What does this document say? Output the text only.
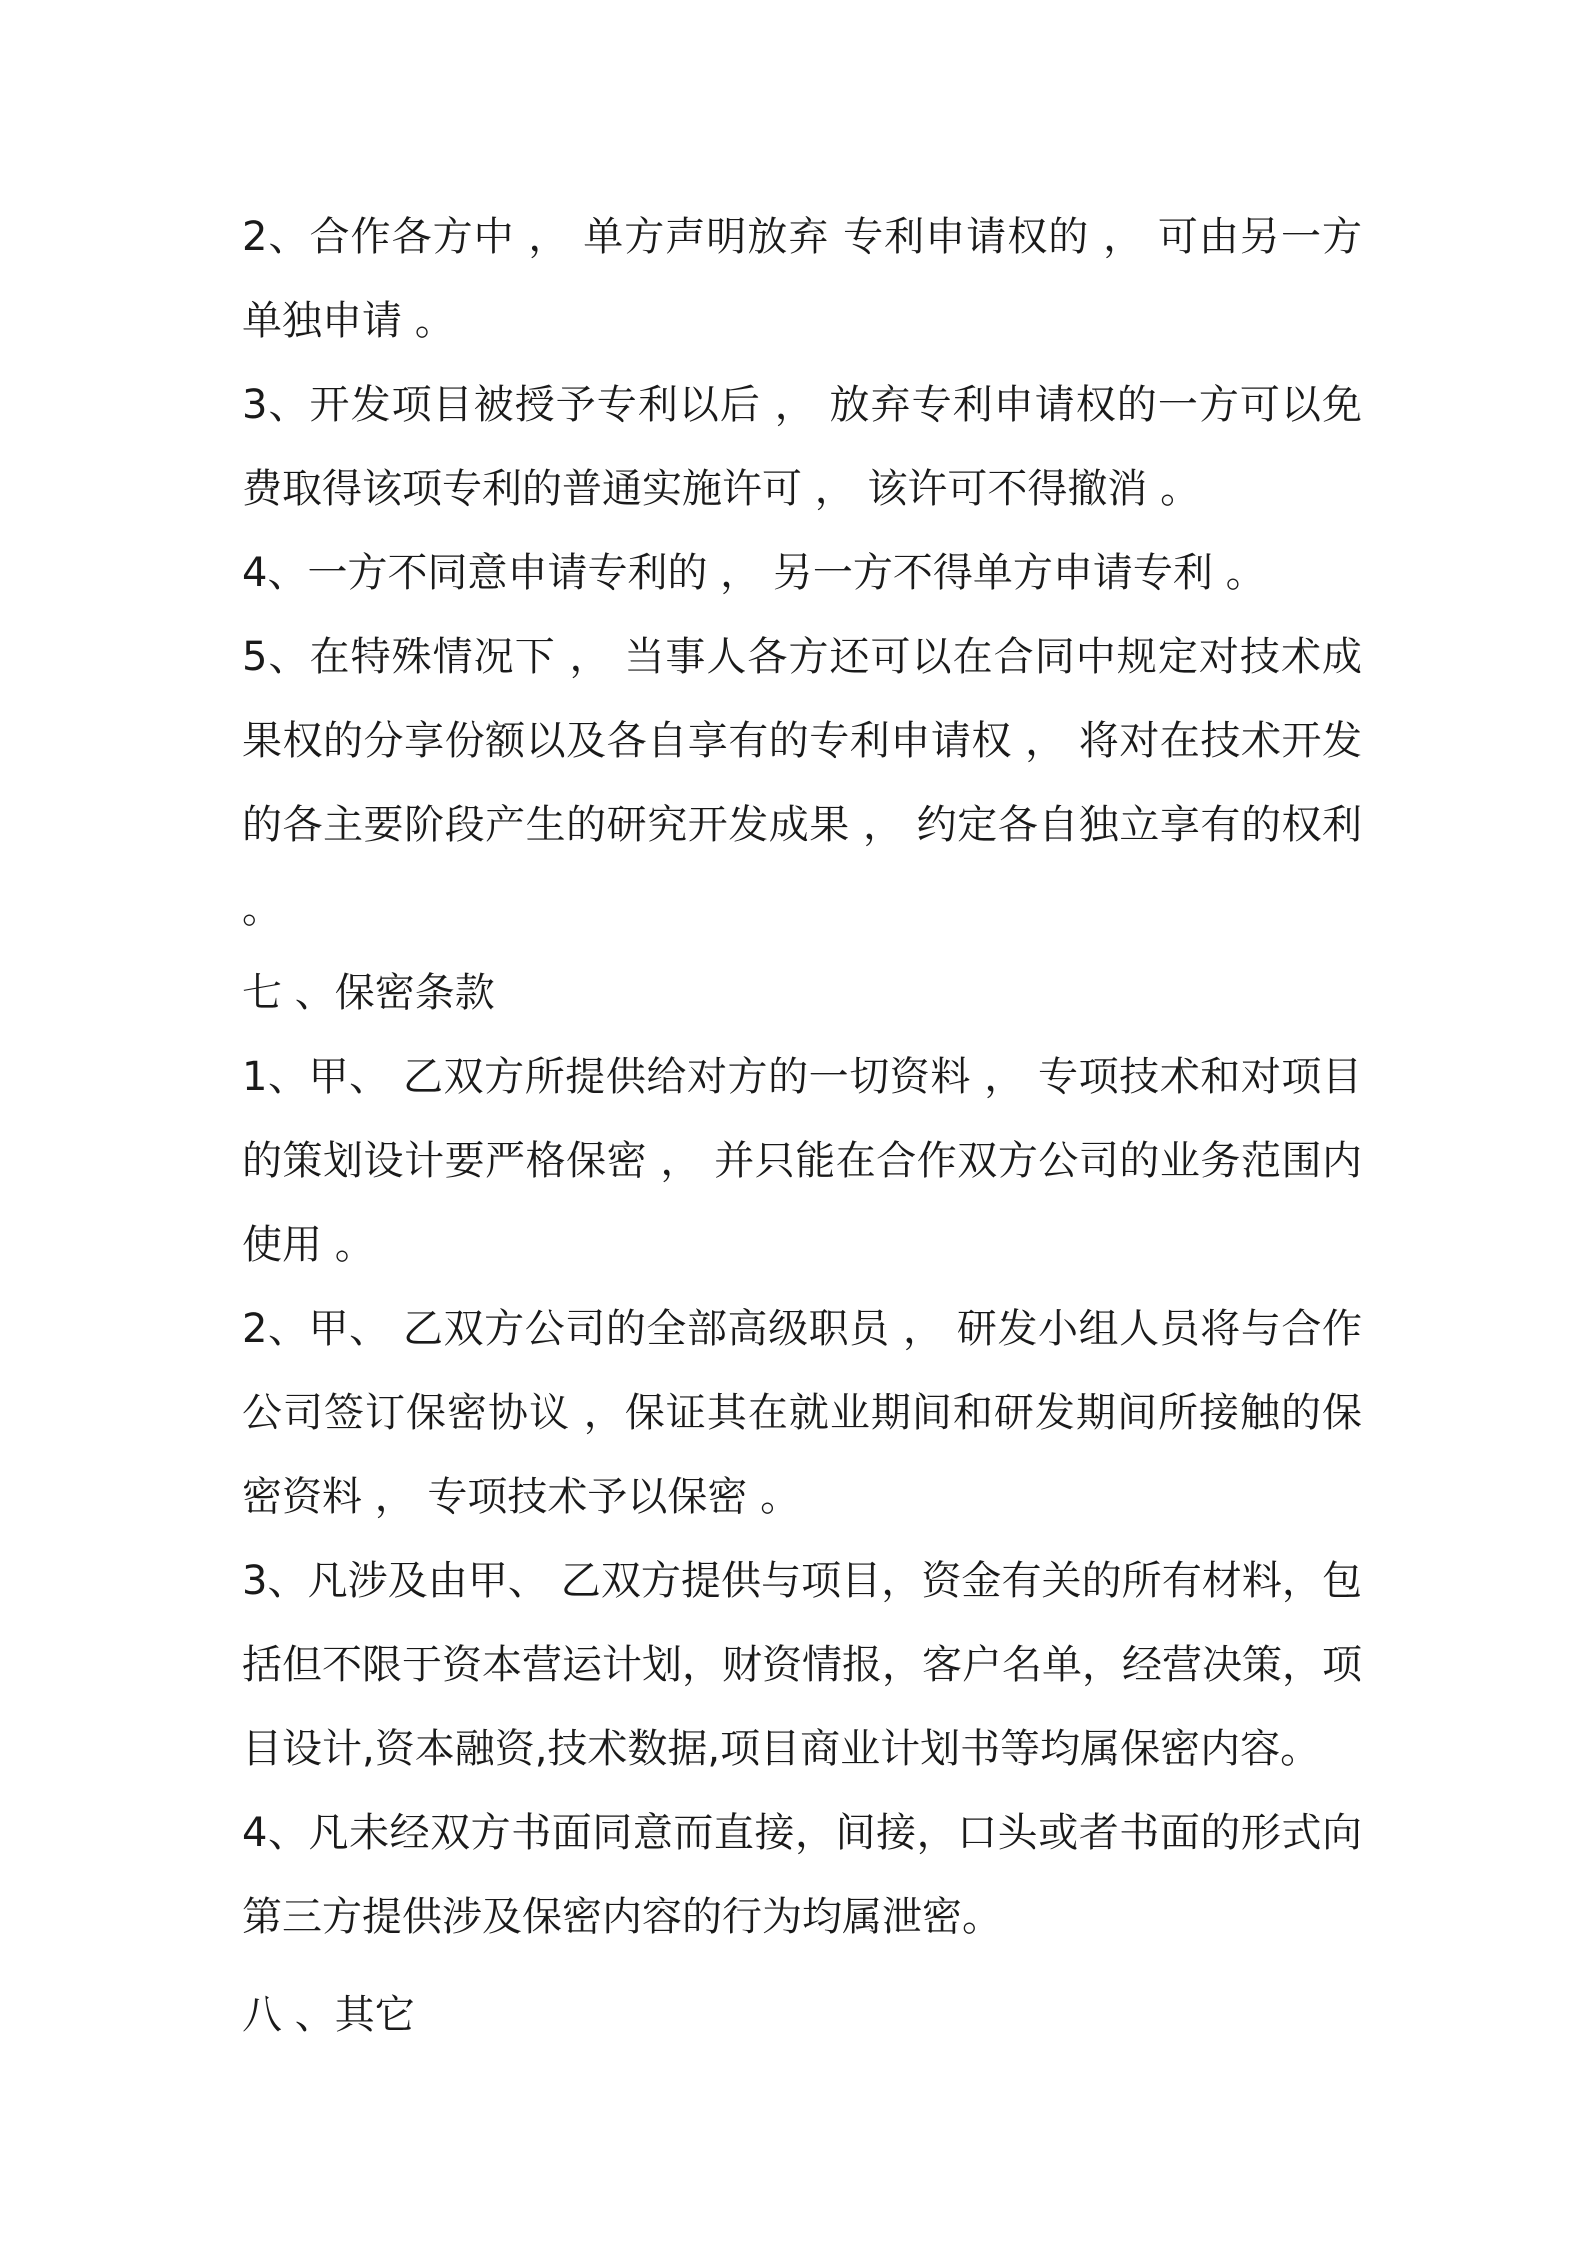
2、合作各方中 ， 单方声明放弃 专利申请权的 ， 可由另一方单独申请 。

3、开发项目被授予专利以后 ， 放弃专利申请权的一方可以免费取得该项专利的普通实施许可 ， 该许可不得撤消 。

4、一方不同意申请专利的 ， 另一方不得单方申请专利 。

5、在特殊情况下 ， 当事人各方还可以在合同中规定对技术成果权的分享份额以及各自享有的专利申请权 ， 将对在技术开发的各主要阶段产生的研究开发成果 ， 约定各自独立享有的权利 。

七 、保密条款

1、甲、 乙双方所提供给对方的一切资料 ， 专项技术和对项目的策划设计要严格保密 ， 并只能在合作双方公司的业务范围内使用 。

2、甲、 乙双方公司的全部高级职员 ， 研发小组人员将与合作公司签订保密协议 ，保证其在就业期间和研发期间所接触的保密资料 ， 专项技术予以保密 。

3、凡涉及由甲、 乙双方提供与项目，资金有关的所有材料，包括但不限于资本营运计划，财资情报，客户名单，经营决策，项目设计,资本融资,技术数据,项目商业计划书等均属保密内容。

4、凡未经双方书面同意而直接，间接，口头或者书面的形式向第三方提供涉及保密内容的行为均属泄密。

八 、其它
